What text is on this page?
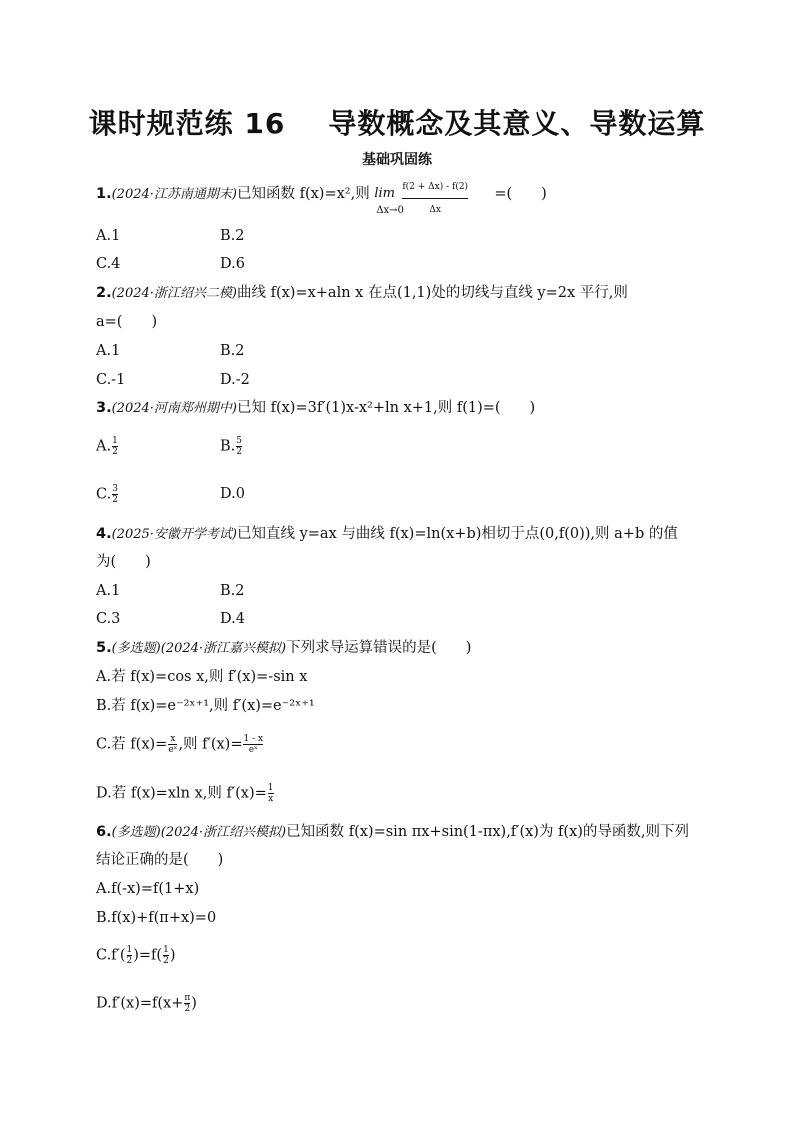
课时规范练 16    导数概念及其意义、导数运算
基础巩固练
1.(2024·江苏南通期末)已知函数 f(x)=x²,则 lim
Δx→0
f(2 + Δx) - f(2)
Δx
=(　　)
A.1	B.2
C.4	D.6
2.(2024·浙江绍兴二模)曲线 f(x)=x+aln x 在点(1,1)处的切线与直线 y=2x 平行,则
a=(　　)
A.1	B.2
C.-1	D.-2
3.(2024·河南郑州期中)已知 f(x)=3f′(1)x-x²+ln x+1,则 f(1)=(　　)
A. $\frac{1}{2}$	B. $\frac{5}{2}$
C. $\frac{3}{2}$	D.0
4.(2025·安徽开学考试)已知直线 y=ax 与曲线 f(x)=ln(x+b)相切于点(0,f(0)),则 a+b 的值
为(　　)
A.1	B.2
C.3	D.4
5.(多选题)(2024·浙江嘉兴模拟)下列求导运算错误的是(　　)
A.若 f(x)=cos x,则 f′(x)=-sin x
B.若 f(x)=e⁻²ˣ⁺¹,则 f′(x)=e⁻²ˣ⁺¹
C.若 $f(x)= \frac{x}{\text{eˣ}}$ ,则 $f'(x)= \frac{1 - x}{\text{eˣ}}$
D.若 f(x)=xln x,则 $f'(x)= \frac{1}{x}$
6.(多选题)(2024·浙江绍兴模拟)已知函数 f(x)=sin πx+sin(1-πx),f′(x)为 f(x)的导函数,则下列
结论正确的是(　　)
A.f(-x)=f(1+x)
B.f(x)+f(π+x)=0
$C.f'( \frac{1}{2} )=f( \frac{1}{2}$ )
$D.f'(x)=f(x+ \frac{\pi}{2}$ )
